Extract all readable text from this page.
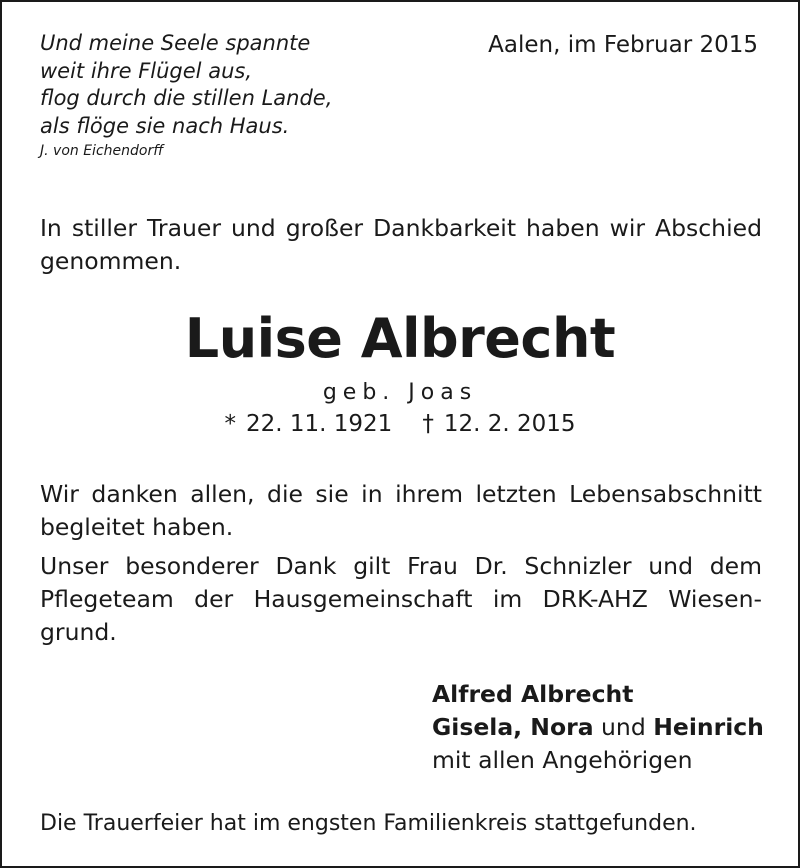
Und meine Seele spannte
weit ihre Flügel aus,
flog durch die stillen Lande,
als flöge sie nach Haus.
J. von Eichendorff
Aalen, im Februar 2015
In stiller Trauer und großer Dankbarkeit haben wir Abschied genommen.
Luise Albrecht
geb. Joas
* 22. 11. 1921 † 12. 2. 2015
Wir danken allen, die sie in ihrem letzten Lebensabschnitt begleitet haben.
Unser besonderer Dank gilt Frau Dr. Schnizler und dem Pflegeteam der Hausgemeinschaft im DRK-AHZ Wiesengrund.
Alfred Albrecht
Gisela, Nora und Heinrich
mit allen Angehörigen
Die Trauerfeier hat im engsten Familienkreis stattgefunden.
